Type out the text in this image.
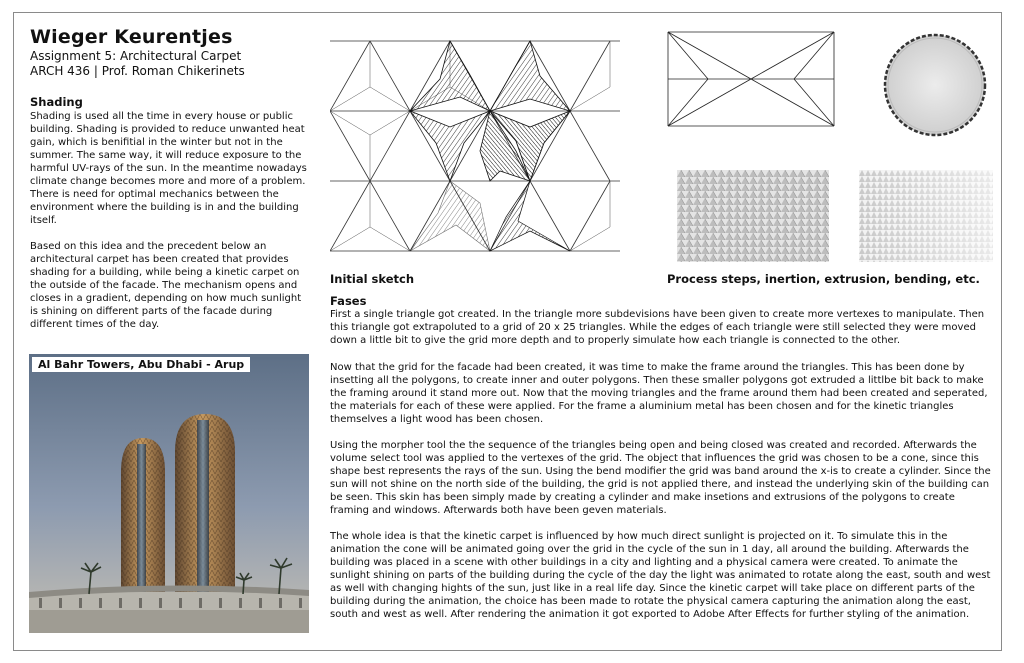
Wieger Keurentjes
Assignment 5: Architectural Carpet
ARCH 436 | Prof. Roman Chikerinets
Shading

Shading is used all the time in every house or public building. Shading is provided to reduce unwanted heat gain, which is benifitial in the winter but not in the summer. The same way, it will reduce exposure to the harmful UV-rays of the sun. In the meantime nowadays climate change becomes more and more of a problem. There is need for optimal mechanics between the environment where the building is in and the building itself.

Based on this idea and the precedent below an architectural carpet has been created that provides shading for a building, while being a kinetic carpet on the outside of the facade. The mechanism opens and closes in a gradient, depending on how much sunlight is shining on different parts of the facade during different times of the day.

Al Bahr Towers, Abu Dhabi - Arup
Initial sketch	Process steps, inertion, extrusion, bending, etc.
Fases

First a single triangle got created. In the triangle more subdevisions have been given to create more vertexes to manipulate. Then this triangle got extrapoluted to a grid of 20 x 25 triangles. While the edges of each triangle were still selected they were moved down a little bit to give the grid more depth and to properly simulate how each triangle is connected to the other.

Now that the grid for the facade had been created, it was time to make the frame around the triangles. This has been done by insetting all the polygons, to create inner and outer polygons. Then these smaller polygons got extruded a littlbe bit back to make the framing around it stand more out. Now that the moving triangles and the frame around them had been created and seperated, the materials for each of these were applied. For the frame a aluminium metal has been chosen and for the kinetic triangles themselves a light wood has been chosen.

Using the morpher tool the the sequence of the triangles being open and being closed was created and recorded. Afterwards the volume select tool was applied to the vertexes of the grid. The object that influences the grid was chosen to be a cone, since this shape best represents the rays of the sun. Using the bend modifier the grid was band around the x-is to create a cylinder. Since the sun will not shine on the north side of the building, the grid is not applied there, and instead the underlying skin of the building can be seen. This skin has been simply made by creating a cylinder and make insetions and extrusions of the polygons to create framing and windows. Afterwards both have been geven materials.

The whole idea is that the kinetic carpet is influenced by how much direct sunlight is projected on it. To simulate this in the animation the cone will be animated going over the grid in the cycle of the sun in 1 day, all around the building. Afterwards the building was placed in a scene with other buildings in a city and lighting and a physical camera were created. To animate the sunlight shining on parts of the building during the cycle of the day the light was animated to rotate along the east, south and west as well with changing hights of the sun, just like in a real life day. Since the kinetic carpet will take place on different parts of the building during the animation, the choice has been made to rotate the physical camera capturing the animation along the east, south and west as well. After rendering the animation it got exported to Adobe After Effects for further styling of the animation.
